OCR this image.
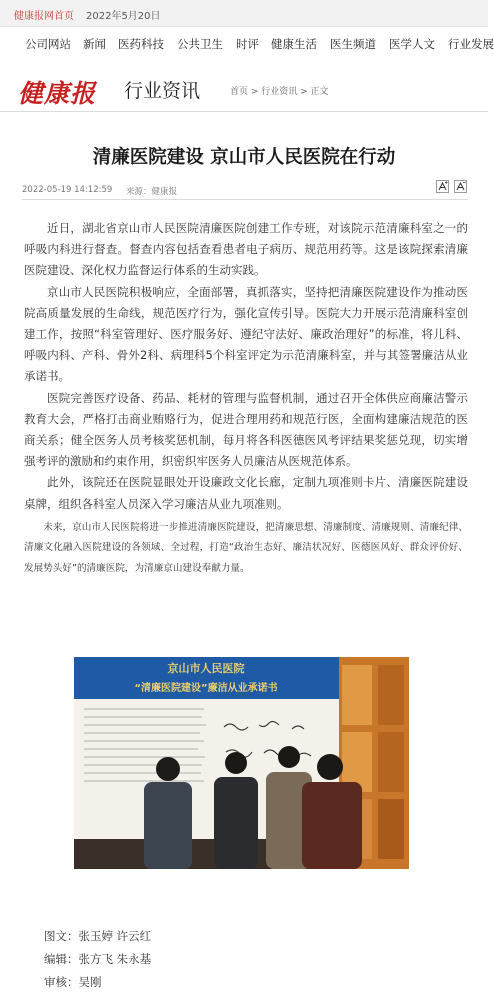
健康报网首页 2022年5月20日
公司网站 新闻 医药科技 公共卫生 时评 健康生活 医生频道 医学人文 行业发展
健康报 行业资讯	首页 > 行业资讯 > 正文
清廉医院建设 京山市人民医院在行动
2022-05-19 14:12:59 来源：健康报

近日，湖北省京山市人民医院清廉医院创建工作专班，对该院示范清廉科室之一的呼吸内科进行督查。督查内容包括查看患者电子病历、规范用药等。这是该院探索清廉医院建设、深化权力监督运行体系的生动实践。

京山市人民医院积极响应，全面部署，真抓落实，坚持把清廉医院建设作为推动医院高质量发展的生命线，规范医疗行为，强化宣传引导。医院大力开展示范清廉科室创建工作，按照“科室管理好、医疗服务好、遵纪守法好、廉政治理好”的标准，将儿科、呼吸内科、产科、骨外2科、病理科5个科室评定为示范清廉科室，并与其签署廉洁从业承诺书。

医院完善医疗设备、药品、耗材的管理与监督机制，通过召开全体供应商廉洁警示教育大会，严格打击商业贿赂行为，促进合理用药和规范行医，全面构建廉洁规范的医商关系；健全医务人员考核奖惩机制，每月将各科医德医风考评结果奖惩兑现，切实增强考评的激励和约束作用，织密织牢医务人员廉洁从医规范体系。

此外，该院还在医院显眼处开设廉政文化长廊，定制九项准则卡片、清廉医院建设桌牌，组织各科室人员深入学习廉洁从业九项准则。

未来，京山市人民医院将进一步推进清廉医院建设，把清廉思想、清廉制度、清廉规则、清廉纪律、清廉文化融入医院建设的各领域、全过程，打造“政治生态好、廉洁状况好、医德医风好、群众评价好、发展势头好”的清廉医院，为清廉京山建设奉献力量。

京山市人民医院
“清廉医院建设”廉洁从业承诺书
图文：张玉婷 许云红
编辑：张方飞 朱永基
审核：吴刚
